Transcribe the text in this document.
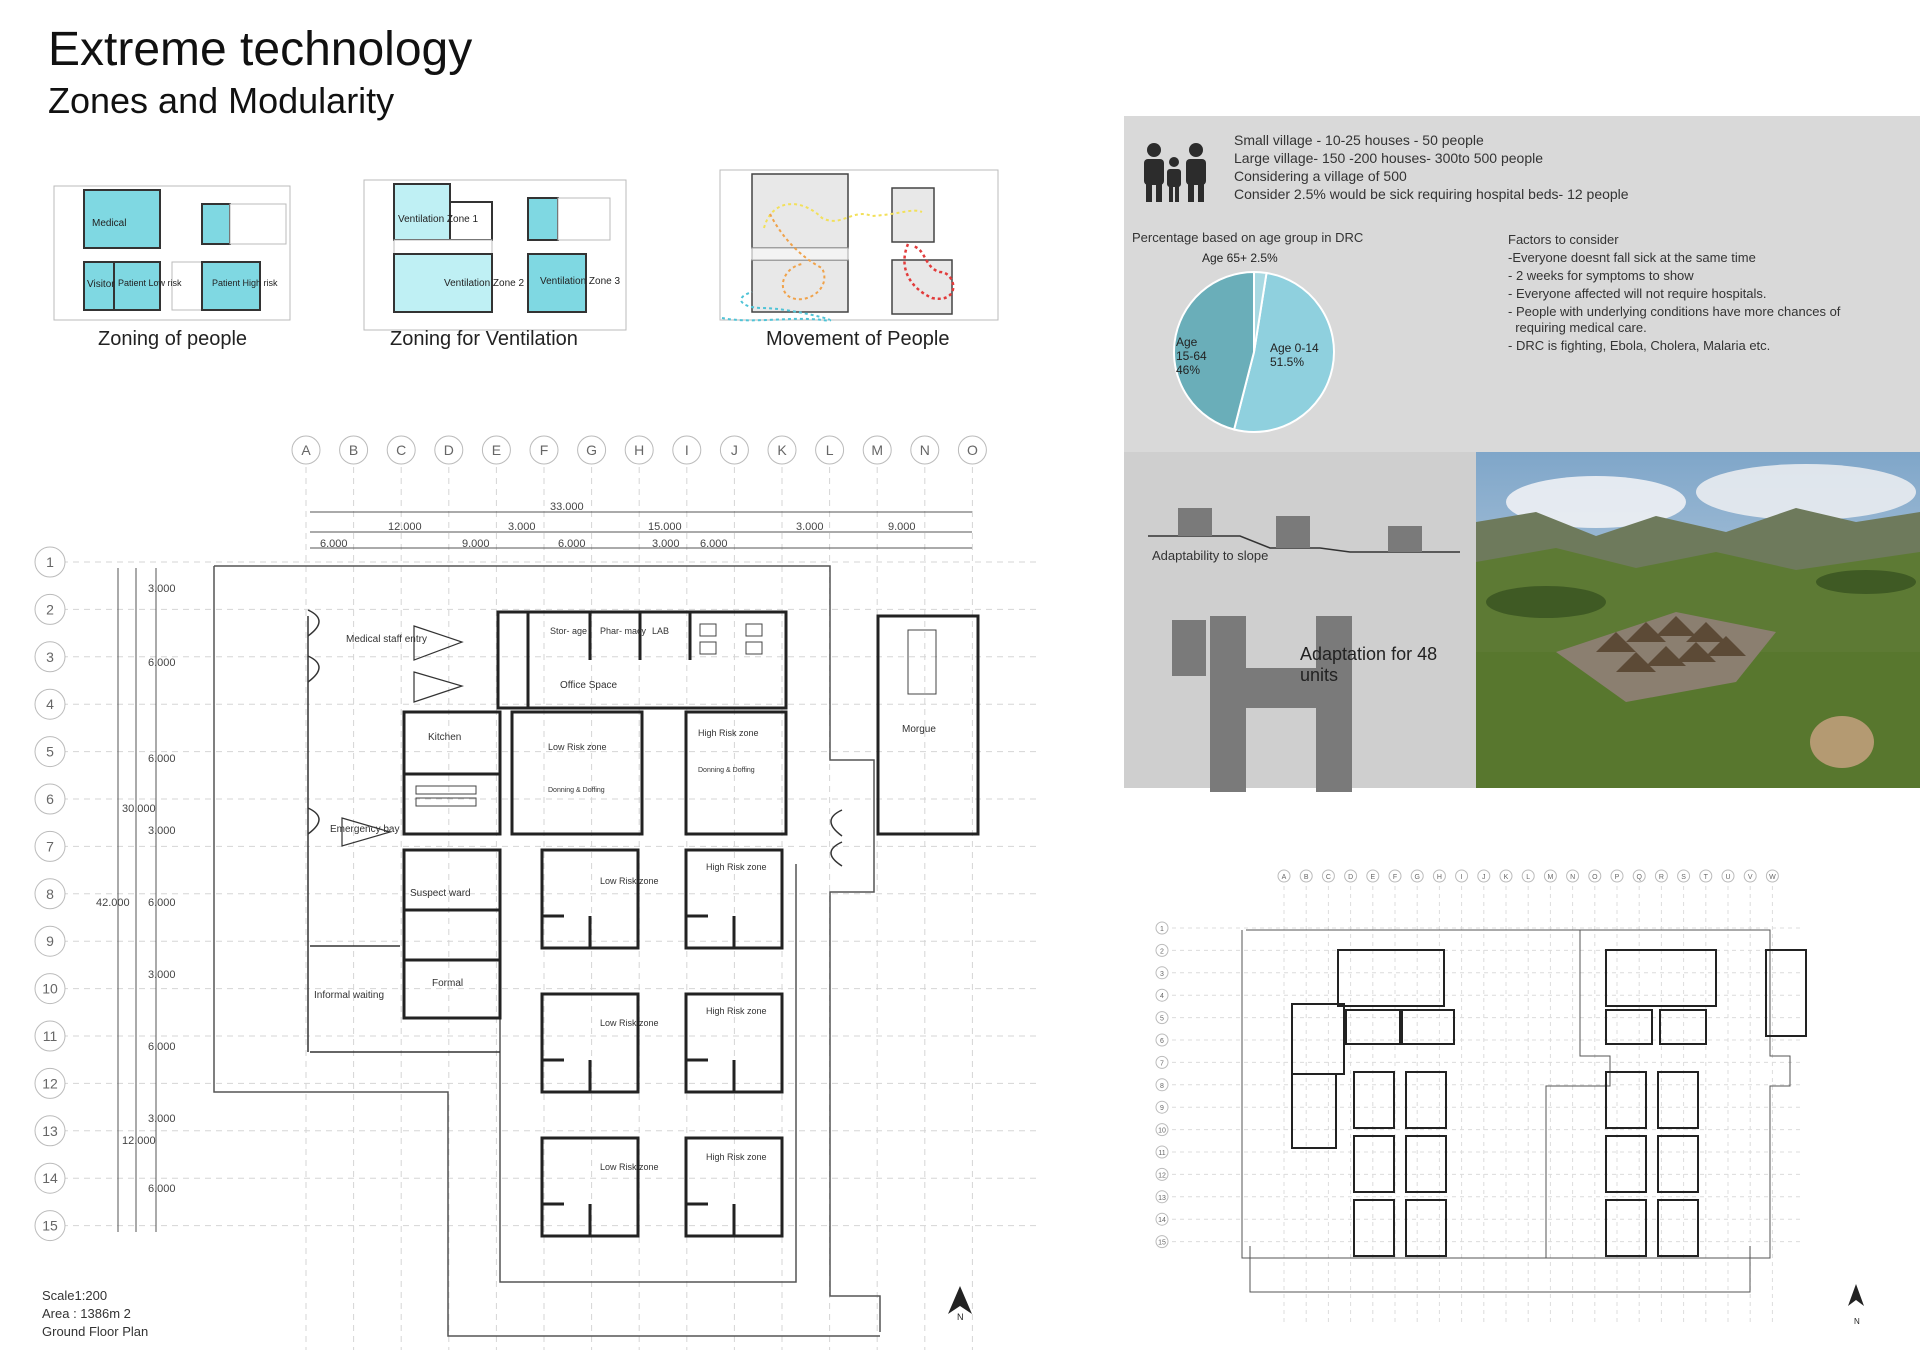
Extreme technology
Zones and Modularity
Medical
Visitor Patient Low risk	Patient High risk
Zoning of people
Ventilation Zone 1
Ventilation Zone 2 Ventilation Zone 3
Zoning for Ventilation	Movement of People
Small village - 10-25 houses - 50 people
Large village- 150 -200 houses- 300to 500 people
Considering a village of 500
Consider 2.5% would be sick requiring hospital beds- 12 people
Percentage based on age group in DRC
Age 0-14 51.5%
Age 15-64 46%
Age 65+ 2.5%
Factors to consider
-Everyone doesnt fall sick at the same time
- 2 weeks for symptoms to show
- Everyone affected will not require hospitals.
- People with underlying conditions have more chances of
requiring medical care.
- DRC is fighting, Ebola, Cholera, Malaria etc.
Adaptability to slope
Adaptation for 48 units
A	B	C	D	E	F	G	H	I	J	K	L	M	N	O
1
2
3
4
5
6
7
8
9
10
11
12
13
14
15
33.000
12.000	3.000	15.000	3.000	9.000
6.000	9.000	6.000	3.000 6.000
3.000
6.000
6.000
3.000
6.000
3.000
6.000
3.000
6.000
30.000
12.000
42.000
Medical staff entry
Stor- age Phar- macy LAB
Office Space
Kitchen
Low Risk zone
Donning & Doffing
High Risk zone
Donning & Doffing
Morgue
Emergency bay
Suspect ward
Informal waiting
Formal
Low Risk zone
High Risk zone
Low Risk zone
High Risk zone
Low Risk zone
High Risk zone
N
Scale1:200
Area : 1386m 2
Ground Floor Plan
A	B C D E	F G H	I	J	K	L M N O P Q R S	T	U V W
1
2
3
4
5
6
7
8
9
10
11
12
13
14
15
N
